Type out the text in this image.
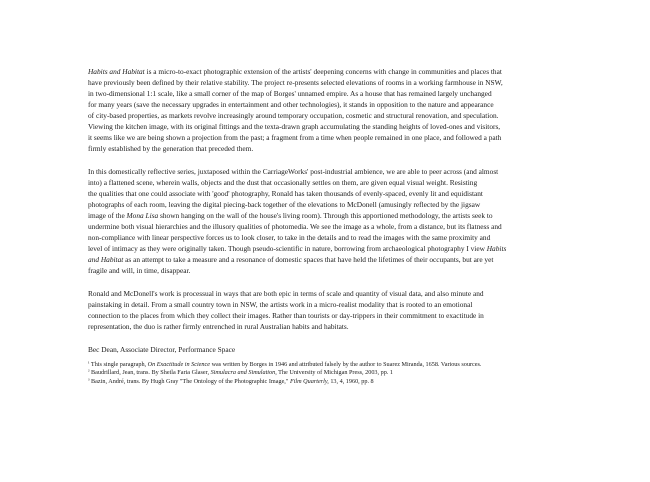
Habits and Habitat is a micro-to-exact photographic extension of the artists' deepening concerns with change in communities and places that
have previously been defined by their relative stability. The project re-presents selected elevations of rooms in a working farmhouse in NSW,
in two-dimensional 1:1 scale, like a small corner of the map of Borges' unnamed empire. As a house that has remained largely unchanged
for many years (save the necessary upgrades in entertainment and other technologies), it stands in opposition to the nature and appearance
of city-based properties, as markets revolve increasingly around temporary occupation, cosmetic and structural renovation, and speculation.
Viewing the kitchen image, with its original fittings and the texta-drawn graph accumulating the standing heights of loved-ones and visitors,
it seems like we are being shown a projection from the past; a fragment from a time when people remained in one place, and followed a path
firmly established by the generation that preceded them.

In this domestically reflective series, juxtaposed within the CarriageWorks' post-industrial ambience, we are able to peer across (and almost
into) a flattened scene, wherein walls, objects and the dust that occasionally settles on them, are given equal visual weight. Resisting
the qualities that one could associate with 'good' photography, Ronald has taken thousands of evenly-spaced, evenly lit and equidistant
photographs of each room, leaving the digital piecing-back together of the elevations to McDonell (amusingly reflected by the jigsaw
image of the Mona Lisa shown hanging on the wall of the house's living room). Through this apportioned methodology, the artists seek to
undermine both visual hierarchies and the illusory qualities of photomedia. We see the image as a whole, from a distance, but its flatness and
non-compliance with linear perspective forces us to look closer, to take in the details and to read the images with the same proximity and
level of intimacy as they were originally taken. Though pseudo-scientific in nature, borrowing from archaeological photography I view Habits
and Habitat as an attempt to take a measure and a resonance of domestic spaces that have held the lifetimes of their occupants, but are yet
fragile and will, in time, disappear.

Ronald and McDonell's work is processual in ways that are both epic in terms of scale and quantity of visual data, and also minute and
painstaking in detail. From a small country town in NSW, the artists work in a micro-realist modality that is rooted to an emotional
connection to the places from which they collect their images. Rather than tourists or day-trippers in their commitment to exactitude in
representation, the duo is rather firmly entrenched in rural Australian habits and habitats.

Bec Dean, Associate Director, Performance Space

$^{^1}$ This single paragraph, On Exactitude in Science was written by Borges in 1946 and attributed falsely by the author to Suarez Miranda, 1658. Various sources.

$^{^2}$ Baudrillard, Jean, trans. By Sheila Faria Glaser, Simulacra and Simulation, The University of Michigan Press, 2003, pp. 1

$^{^3}$ Bazin, André, trans. By Hugh Gray "The Ontology of the Photographic Image," Film Quarterly, 13, 4, 1960, pp. 8
